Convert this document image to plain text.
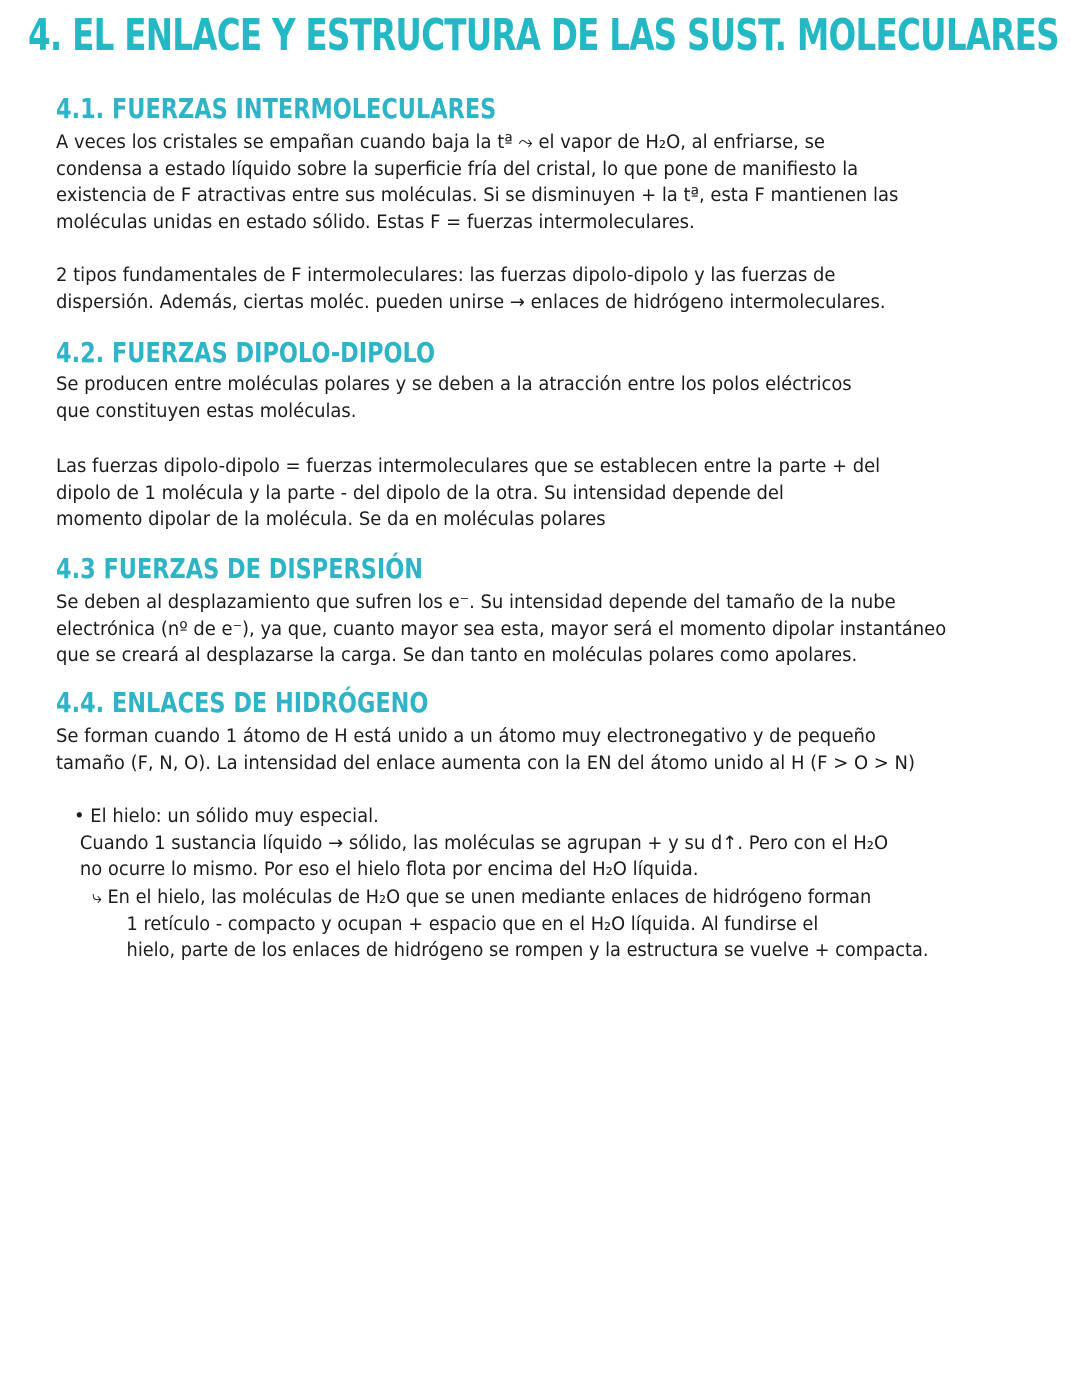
4. EL ENLACE Y ESTRUCTURA DE LAS SUST. MOLECULARES
4.1. FUERZAS INTERMOLECULARES
A veces los cristales se empañan cuando baja la tª ⤳ el vapor de H₂O, al enfriarse, se
condensa a estado líquido sobre la superficie fría del cristal, lo que pone de manifiesto la
existencia de F atractivas entre sus moléculas. Si se disminuyen + la tª, esta F mantienen las
moléculas unidas en estado sólido. Estas F = fuerzas intermoleculares.
2 tipos fundamentales de F intermoleculares: las fuerzas dipolo-dipolo y las fuerzas de
dispersión. Además, ciertas moléc. pueden unirse → enlaces de hidrógeno intermoleculares.
4.2. FUERZAS DIPOLO-DIPOLO
Se producen entre moléculas polares y se deben a la atracción entre los polos eléctricos
que constituyen estas moléculas.
Las fuerzas dipolo-dipolo = fuerzas intermoleculares que se establecen entre la parte + del
dipolo de 1 molécula y la parte - del dipolo de la otra. Su intensidad depende del
momento dipolar de la molécula. Se da en moléculas polares
4.3 FUERZAS DE DISPERSIÓN
Se deben al desplazamiento que sufren los e⁻. Su intensidad depende del tamaño de la nube
electrónica (nº de e⁻), ya que, cuanto mayor sea esta, mayor será el momento dipolar instantáneo
que se creará al desplazarse la carga. Se dan tanto en moléculas polares como apolares.
4.4. ENLACES DE HIDRÓGENO
Se forman cuando 1 átomo de H está unido a un átomo muy electronegativo y de pequeño
tamaño (F, N, O). La intensidad del enlace aumenta con la EN del átomo unido al H (F > O > N)
• El hielo: un sólido muy especial.
Cuando 1 sustancia líquido → sólido, las moléculas se agrupan + y su d↑. Pero con el H₂O
no ocurre lo mismo. Por eso el hielo flota por encima del H₂O líquida.
⤷ En el hielo, las moléculas de H₂O que se unen mediante enlaces de hidrógeno forman
1 retículo - compacto y ocupan + espacio que en el H₂O líquida. Al fundirse el
hielo, parte de los enlaces de hidrógeno se rompen y la estructura se vuelve + compacta.
